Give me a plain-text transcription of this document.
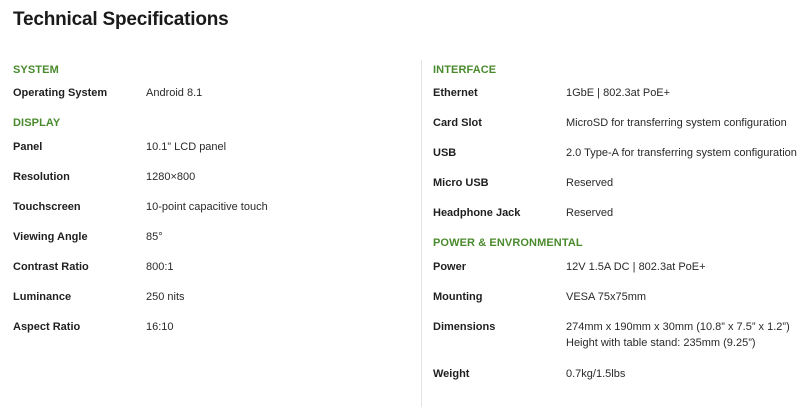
Technical Specifications
SYSTEM
Operating System	Android 8.1
DISPLAY
Panel	10.1” LCD panel
Resolution	1280×800
Touchscreen	10-point capacitive touch
Viewing Angle	85°
Contrast Ratio	800:1
Luminance	250 nits
Aspect Ratio	16:10
INTERFACE
Ethernet	1GbE | 802.3at PoE+
Card Slot	MicroSD for transferring system configuration
USB	2.0 Type-A for transferring system configuration
Micro USB	Reserved
Headphone Jack	Reserved
POWER & ENVRONMENTAL
Power	12V 1.5A DC | 802.3at PoE+
Mounting	VESA 75x75mm
Dimensions	274mm x 190mm x 30mm (10.8” x 7.5” x 1.2”)
Height with table stand: 235mm (9.25”)
Weight	0.7kg/1.5lbs
